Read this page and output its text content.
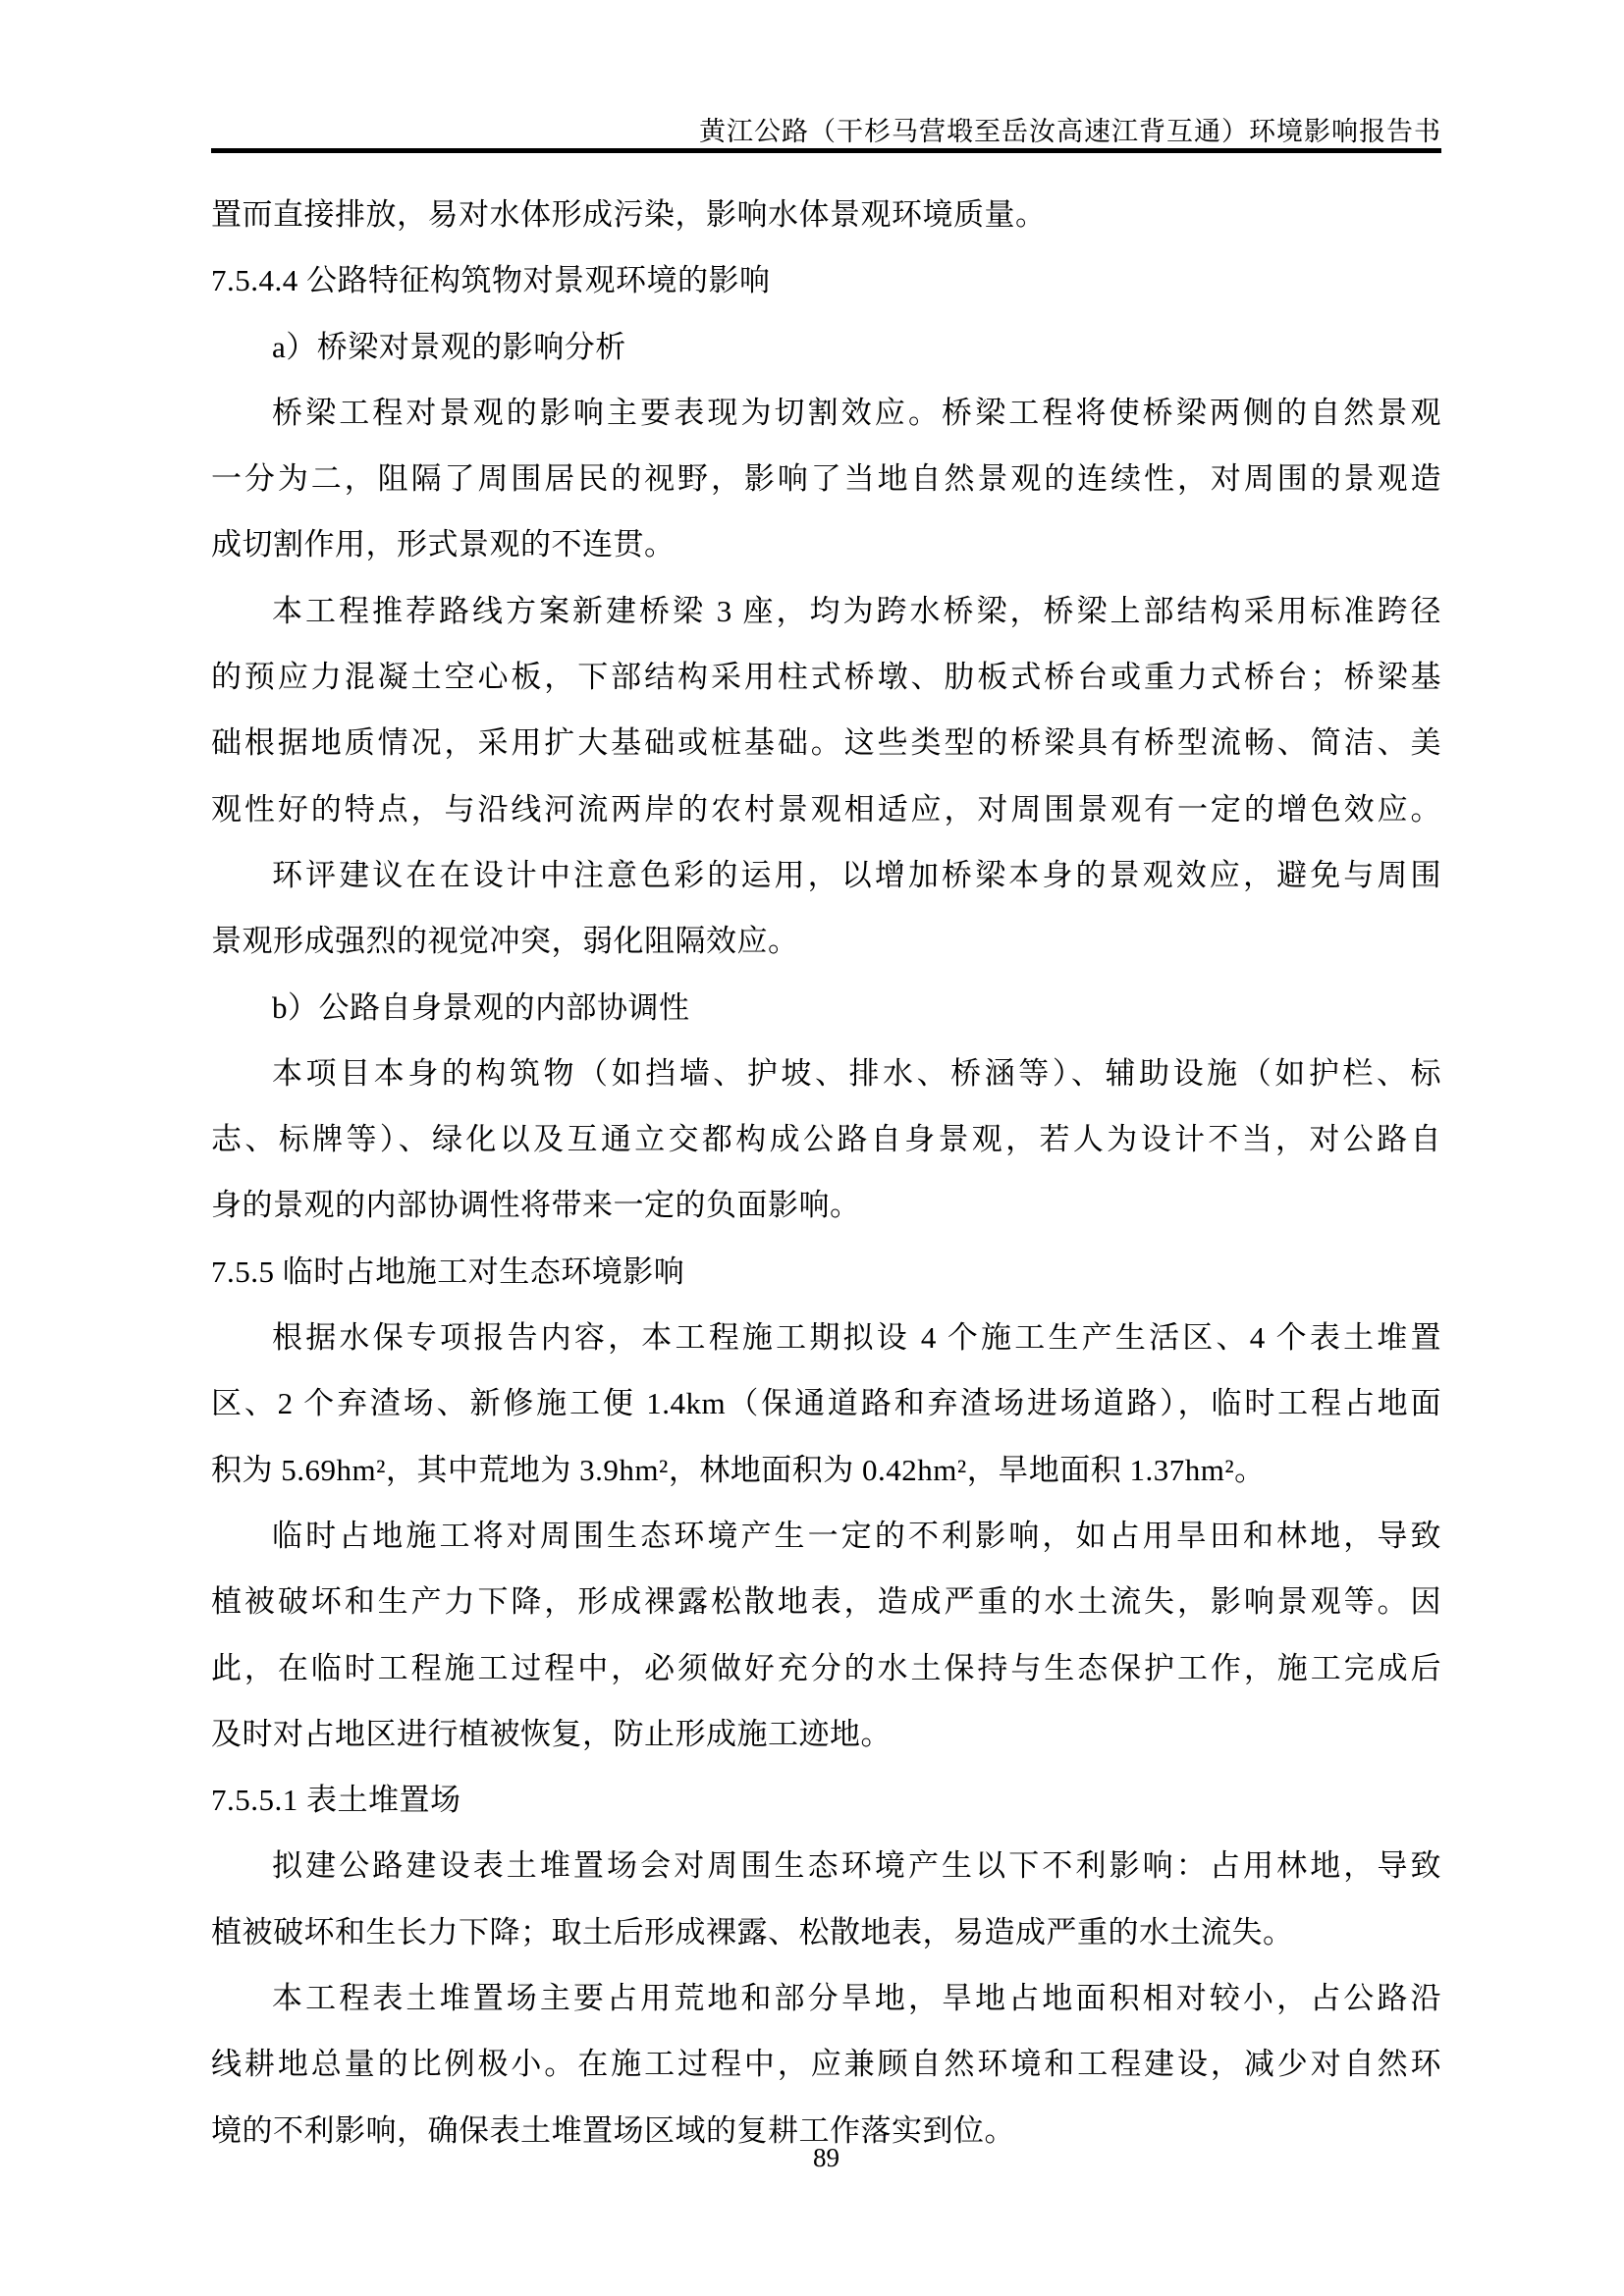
黄江公路（干杉马营塅至岳汝高速江背互通）环境影响报告书
置而直接排放，易对水体形成污染，影响水体景观环境质量。
7.5.4.4 公路特征构筑物对景观环境的影响
a）桥梁对景观的影响分析
桥梁工程对景观的影响主要表现为切割效应。桥梁工程将使桥梁两侧的自然景观
一分为二，阻隔了周围居民的视野，影响了当地自然景观的连续性，对周围的景观造
成切割作用，形式景观的不连贯。
本工程推荐路线方案新建桥梁 3 座，均为跨水桥梁，桥梁上部结构采用标准跨径
的预应力混凝土空心板，下部结构采用柱式桥墩、肋板式桥台或重力式桥台；桥梁基
础根据地质情况，采用扩大基础或桩基础。这些类型的桥梁具有桥型流畅、简洁、美
观性好的特点，与沿线河流两岸的农村景观相适应，对周围景观有一定的增色效应。
环评建议在在设计中注意色彩的运用，以增加桥梁本身的景观效应，避免与周围
景观形成强烈的视觉冲突，弱化阻隔效应。
b）公路自身景观的内部协调性
本项目本身的构筑物（如挡墙、护坡、排水、桥涵等）、辅助设施（如护栏、标
志、标牌等）、绿化以及互通立交都构成公路自身景观，若人为设计不当，对公路自
身的景观的内部协调性将带来一定的负面影响。
7.5.5 临时占地施工对生态环境影响
根据水保专项报告内容，本工程施工期拟设 4 个施工生产生活区、4 个表土堆置
区、2 个弃渣场、新修施工便 1.4km（保通道路和弃渣场进场道路），临时工程占地面
积为 5.69hm²，其中荒地为 3.9hm²，林地面积为 0.42hm²，旱地面积 1.37hm²。
临时占地施工将对周围生态环境产生一定的不利影响，如占用旱田和林地，导致
植被破坏和生产力下降，形成裸露松散地表，造成严重的水土流失，影响景观等。因
此，在临时工程施工过程中，必须做好充分的水土保持与生态保护工作，施工完成后
及时对占地区进行植被恢复，防止形成施工迹地。
7.5.5.1 表土堆置场
拟建公路建设表土堆置场会对周围生态环境产生以下不利影响：占用林地，导致
植被破坏和生长力下降；取土后形成裸露、松散地表，易造成严重的水土流失。
本工程表土堆置场主要占用荒地和部分旱地，旱地占地面积相对较小，占公路沿
线耕地总量的比例极小。在施工过程中，应兼顾自然环境和工程建设，减少对自然环
境的不利影响，确保表土堆置场区域的复耕工作落实到位。
89
